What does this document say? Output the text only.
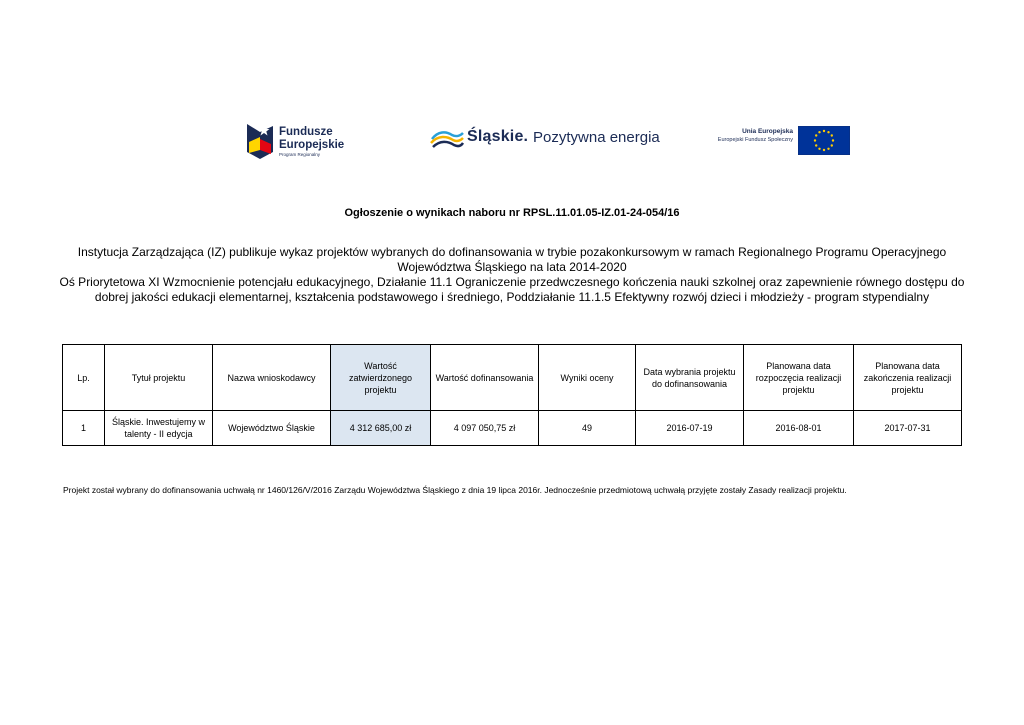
Fundusze
Europejskie
Program Regionalny
Śląskie. Pozytywna energia	Unia Europejska
Europejski Fundusz Społeczny
Ogłoszenie o wynikach naboru nr RPSL.11.01.05-IZ.01-24-054/16
Instytucja Zarządzająca (IZ) publikuje wykaz projektów wybranych do dofinansowania w trybie pozakonkursowym w ramach Regionalnego Programu Operacyjnego
Województwa Śląskiego na lata 2014-2020
Oś Priorytetowa XI Wzmocnienie potencjału edukacyjnego, Działanie 11.1 Ograniczenie przedwczesnego kończenia nauki szkolnej oraz zapewnienie równego dostępu do
dobrej jakości edukacji elementarnej, kształcenia podstawowego i średniego, Poddziałanie 11.1.5 Efektywny rozwój dzieci i młodzieży - program stypendialny
Lp.	Tytuł projektu	Nazwa wnioskodawcy	Wartość zatwierdzonego projektu	Wartość dofinansowania	Wyniki oceny	Data wybrania projektu do dofinansowania	Planowana data rozpoczęcia realizacji projektu	Planowana data zakończenia realizacji projektu
1	Śląskie. Inwestujemy w talenty - II edycja	Województwo Śląskie	4 312 685,00 zł	4 097 050,75 zł	49	2016-07-19	2016-08-01	2017-07-31
Projekt został wybrany do dofinansowania uchwałą nr 1460/126/V/2016 Zarządu Województwa Śląskiego z dnia 19 lipca 2016r. Jednocześnie przedmiotową uchwałą przyjęte zostały Zasady realizacji projektu.
